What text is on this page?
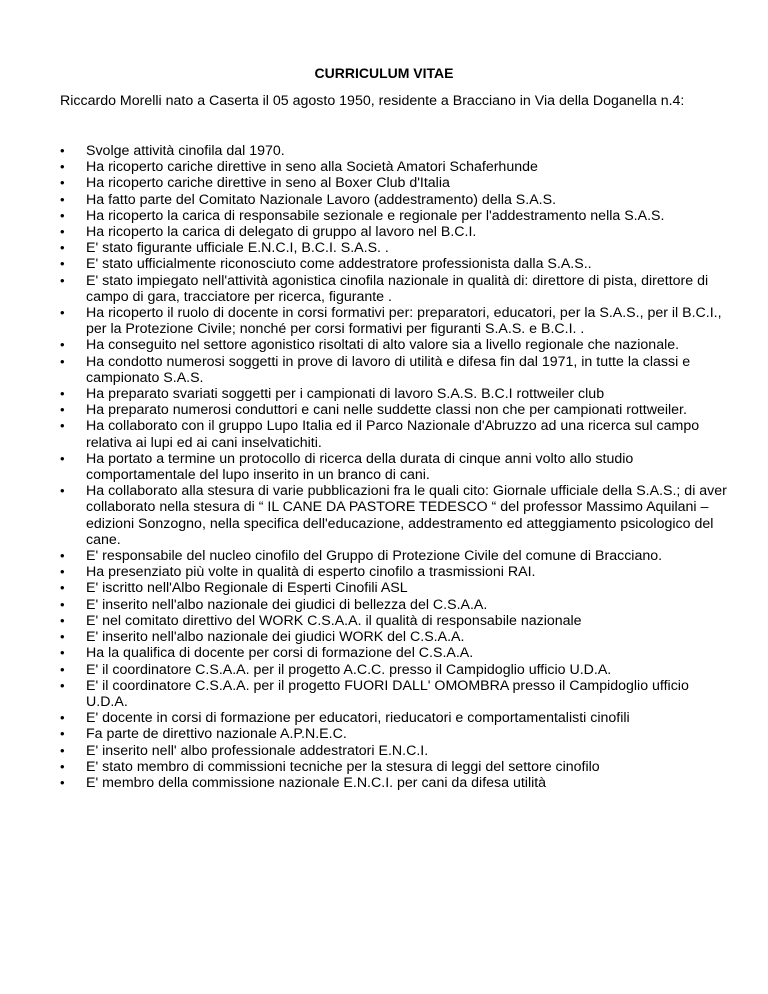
CURRICULUM VITAE
Riccardo Morelli nato a Caserta il 05 agosto 1950, residente a Bracciano in Via della Doganella n.4:
• Svolge attività cinofila dal 1970.
• Ha ricoperto cariche direttive in seno alla Società Amatori Schaferhunde
• Ha ricoperto cariche direttive in seno al Boxer Club d'Italia
• Ha fatto parte del Comitato Nazionale Lavoro (addestramento) della S.A.S.
• Ha ricoperto la carica di responsabile sezionale e regionale per l'addestramento nella S.A.S.
• Ha ricoperto la carica di delegato di gruppo al lavoro nel B.C.I.
• E' stato figurante ufficiale E.N.C.I, B.C.I. S.A.S. .
• E' stato ufficialmente riconosciuto come addestratore professionista dalla S.A.S..
• E' stato impiegato nell'attività agonistica cinofila nazionale in qualità di: direttore di pista, direttore di campo di gara, tracciatore per ricerca, figurante .
• Ha ricoperto il ruolo di docente in corsi formativi per: preparatori, educatori, per la S.A.S., per il B.C.I., per la Protezione Civile; nonché per corsi formativi per figuranti S.A.S. e B.C.I. .
• Ha conseguito nel settore agonistico risoltati di alto valore sia a livello regionale che nazionale.
• Ha condotto numerosi soggetti in prove di lavoro di utilità e difesa fin dal 1971, in tutte la classi e campionato S.A.S.
• Ha preparato svariati soggetti per i campionati di lavoro S.A.S. B.C.I rottweiler club
• Ha preparato numerosi conduttori e cani nelle suddette classi non che per campionati rottweiler.
• Ha collaborato con il gruppo Lupo Italia ed il Parco Nazionale d'Abruzzo ad una ricerca sul campo relativa ai lupi ed ai cani inselvatichiti.
• Ha portato a termine un protocollo di ricerca della durata di cinque anni volto allo studio comportamentale del lupo inserito in un branco di cani.
• Ha collaborato alla stesura di varie pubblicazioni fra le quali cito: Giornale ufficiale della S.A.S.; di aver collaborato nella stesura di “ IL CANE DA PASTORE TEDESCO “ del professor Massimo Aquilani – edizioni Sonzogno, nella specifica dell'educazione, addestramento ed atteggiamento psicologico del cane.
• E' responsabile del nucleo cinofilo del Gruppo di Protezione Civile del comune di Bracciano.
• Ha presenziato più volte in qualità di esperto cinofilo a trasmissioni RAI.
• E' iscritto nell'Albo Regionale di Esperti Cinofili ASL
• E' inserito nell'albo nazionale dei giudici di bellezza del C.S.A.A.
• E' nel comitato direttivo del WORK C.S.A.A. il qualità di responsabile nazionale
• E' inserito nell'albo nazionale dei giudici WORK del C.S.A.A.
• Ha la qualifica di docente per corsi di formazione del C.S.A.A.
• E' il coordinatore C.S.A.A. per il progetto A.C.C. presso il Campidoglio ufficio U.D.A.
• E' il coordinatore C.S.A.A. per il progetto FUORI DALL' OMOMBRA presso il Campidoglio ufficio U.D.A.
• E' docente in corsi di formazione per educatori, rieducatori e comportamentalisti cinofili
• Fa parte de direttivo nazionale A.P.N.E.C.
• E' inserito nell' albo professionale addestratori E.N.C.I.
• E' stato membro di commissioni tecniche per la stesura di leggi del settore cinofilo
• E' membro della commissione nazionale E.N.C.I. per cani da difesa utilità
